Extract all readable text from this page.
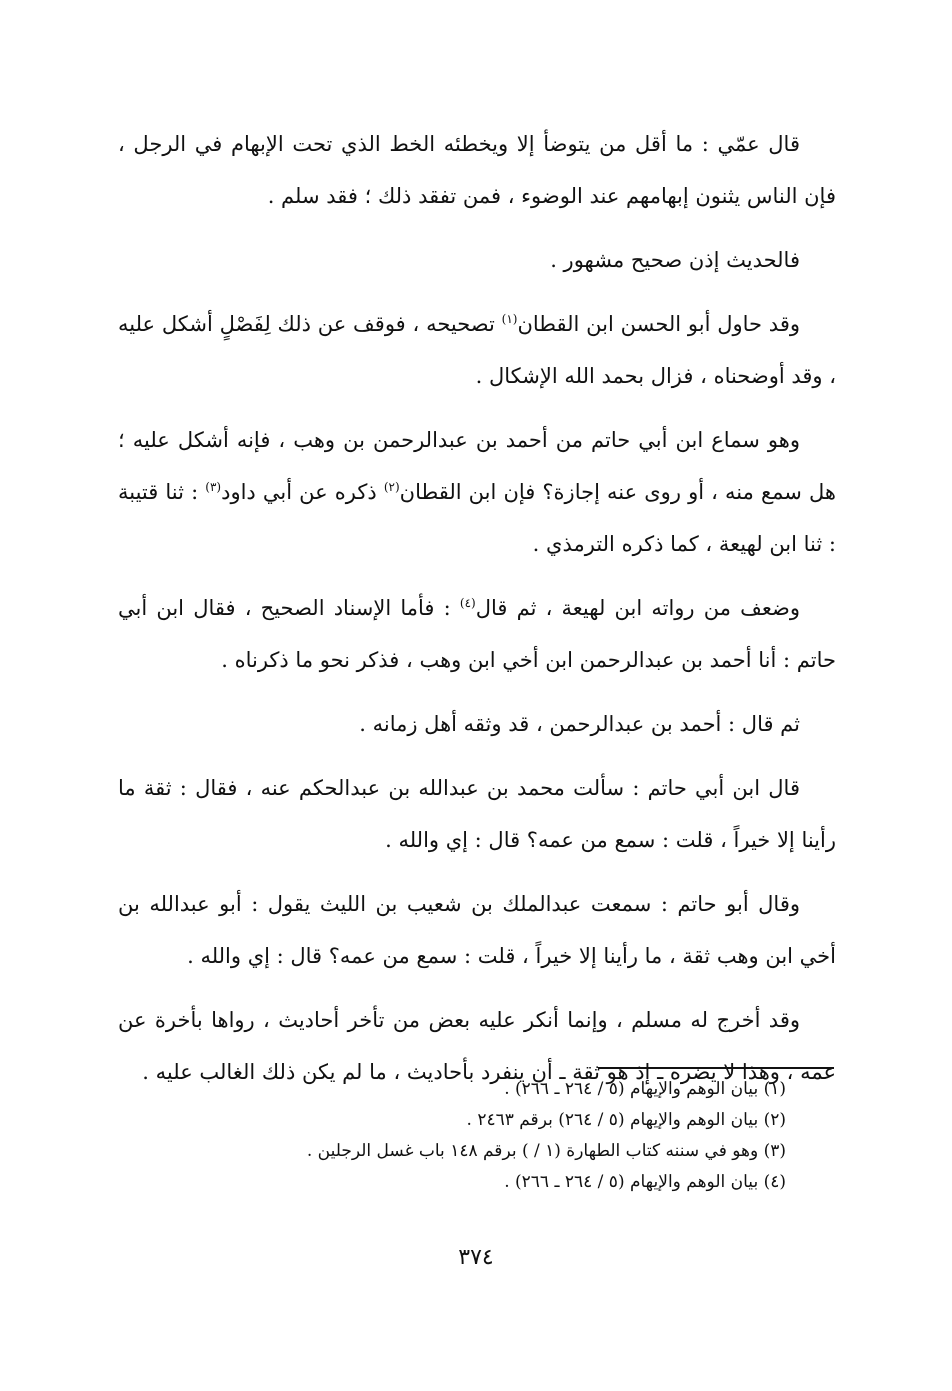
قال عمّي : ما أقل من يتوضأ إلا ويخطئه الخط الذي تحت الإبهام في الرجل ، فإن الناس يثنون إبهامهم عند الوضوء ، فمن تفقد ذلك ؛ فقد سلم .

فالحديث إذن صحيح مشهور .

وقد حاول أبو الحسن ابن القطان$^{(١)}$ تصحيحه ، فوقف عن ذلك لِفَصْلٍ أشكل عليه ، وقد أوضحناه ، فزال بحمد الله الإشكال .

وهو سماع ابن أبي حاتم من أحمد بن عبدالرحمن بن وهب ، فإنه أشكل عليه ؛ هل سمع منه ، أو روى عنه إجازة؟ فإن ابن القطان$^{(٢)}$ ذكره عن أبي داود$^{(٣)}$ : ثنا قتيبة : ثنا ابن لهيعة ، كما ذكره الترمذي .

وضعف من رواته ابن لهيعة ، ثم قال$^{(٤)}$ : فأما الإسناد الصحيح ، فقال ابن أبي حاتم : أنا أحمد بن عبدالرحمن ابن أخي ابن وهب ، فذكر نحو ما ذكرناه .

ثم قال : أحمد بن عبدالرحمن ، قد وثقه أهل زمانه .

قال ابن أبي حاتم : سألت محمد بن عبدالله بن عبدالحكم عنه ، فقال : ثقة ما رأينا إلا خيراً ، قلت : سمع من عمه؟ قال : إي والله .

وقال أبو حاتم : سمعت عبدالملك بن شعيب بن الليث يقول : أبو عبدالله بن أخي ابن وهب ثقة ، ما رأينا إلا خيراً ، قلت : سمع من عمه؟ قال : إي والله .

وقد أخرج له مسلم ، وإنما أنكر عليه بعض من تأخر أحاديث ، رواها بأخرة عن عمه ، وهذا لا يضره ـ إذ هو ثقة ـ أن ينفرد بأحاديث ، ما لم يكن ذلك الغالب عليه .

(١) بيان الوهم والإيهام (٥ / ٢٦٤ ـ ٢٦٦) .

(٢) بيان الوهم والإيهام (٥ / ٢٦٤) برقم ٢٤٦٣ .

(٣) وهو في سننه كتاب الطهارة (١ / ) برقم ١٤٨ باب غسل الرجلين .

(٤) بيان الوهم والإيهام (٥ / ٢٦٤ ـ ٢٦٦) .

٣٧٤
